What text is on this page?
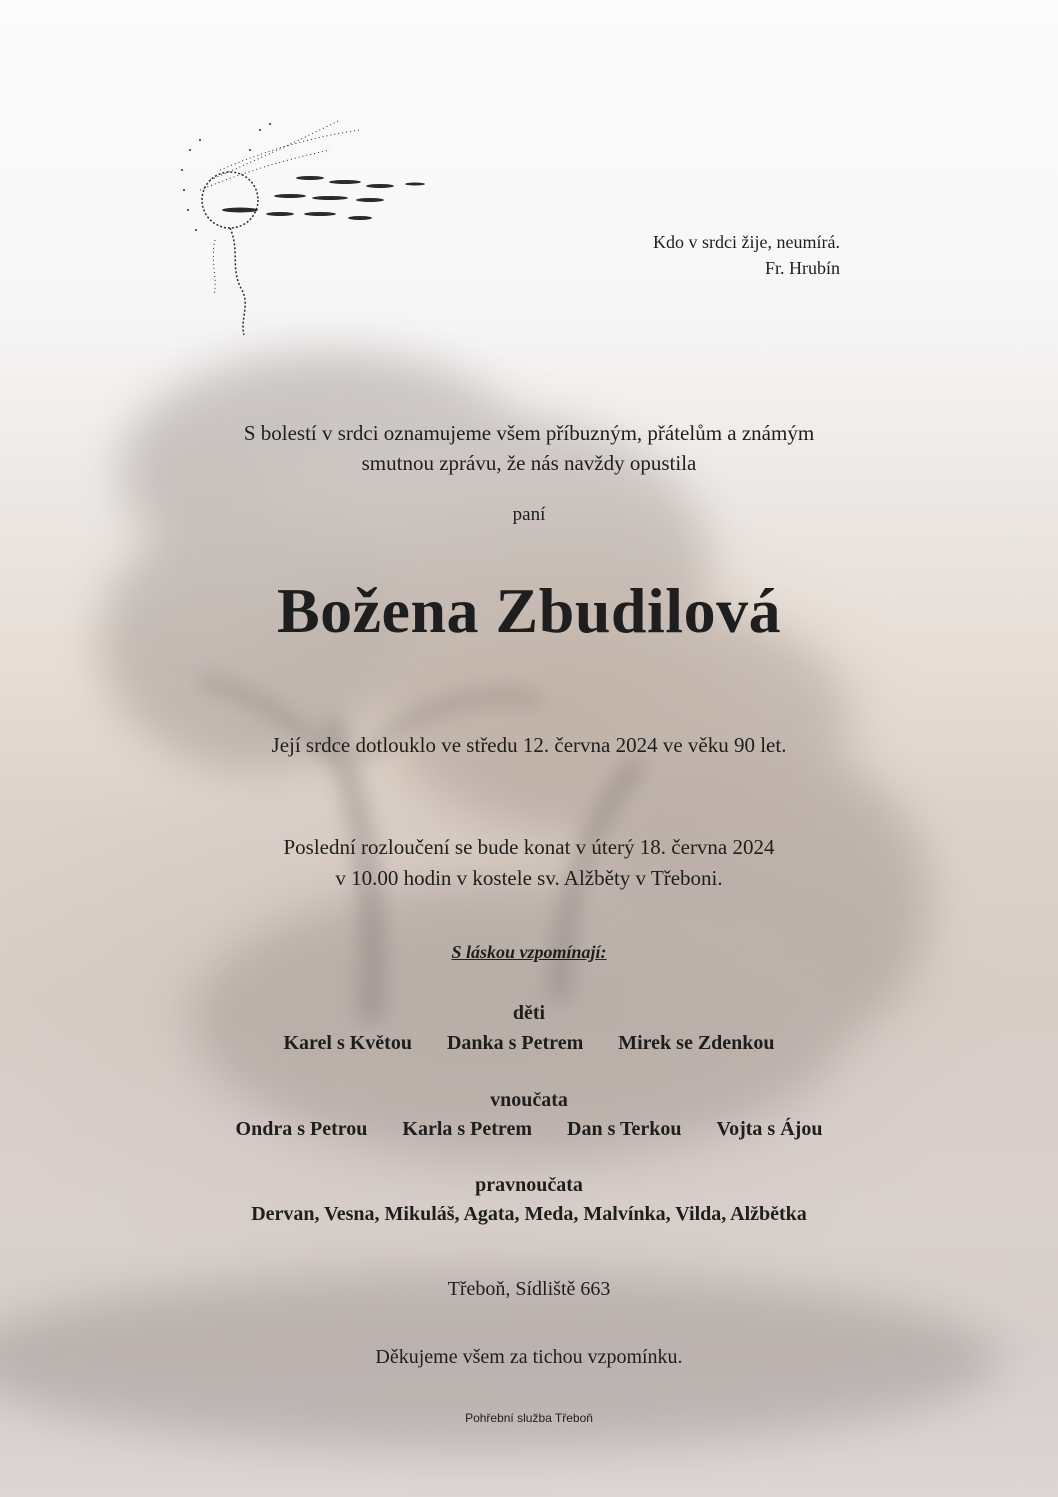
Kdo v srdci žije, neumírá.
Fr. Hrubín
S bolestí v srdci oznamujeme všem příbuzným, přátelům a známým
smutnou zprávu, že nás navždy opustila
paní
Božena Zbudilová
Její srdce dotlouklo ve středu 12. června 2024 ve věku 90 let.
Poslední rozloučení se bude konat v úterý 18. června 2024
v 10.00 hodin v kostele sv. Alžběty v Třeboni.
S láskou vzpomínají:
děti
Karel s Květou Danka s Petrem Mirek se Zdenkou
vnoučata
Ondra s Petrou Karla s Petrem Dan s Terkou Vojta s Ájou
pravnoučata
Dervan, Vesna, Mikuláš, Agata, Meda, Malvínka, Vilda, Alžbětka
Třeboň, Sídliště 663
Děkujeme všem za tichou vzpomínku.
Pohřební služba Třeboň
